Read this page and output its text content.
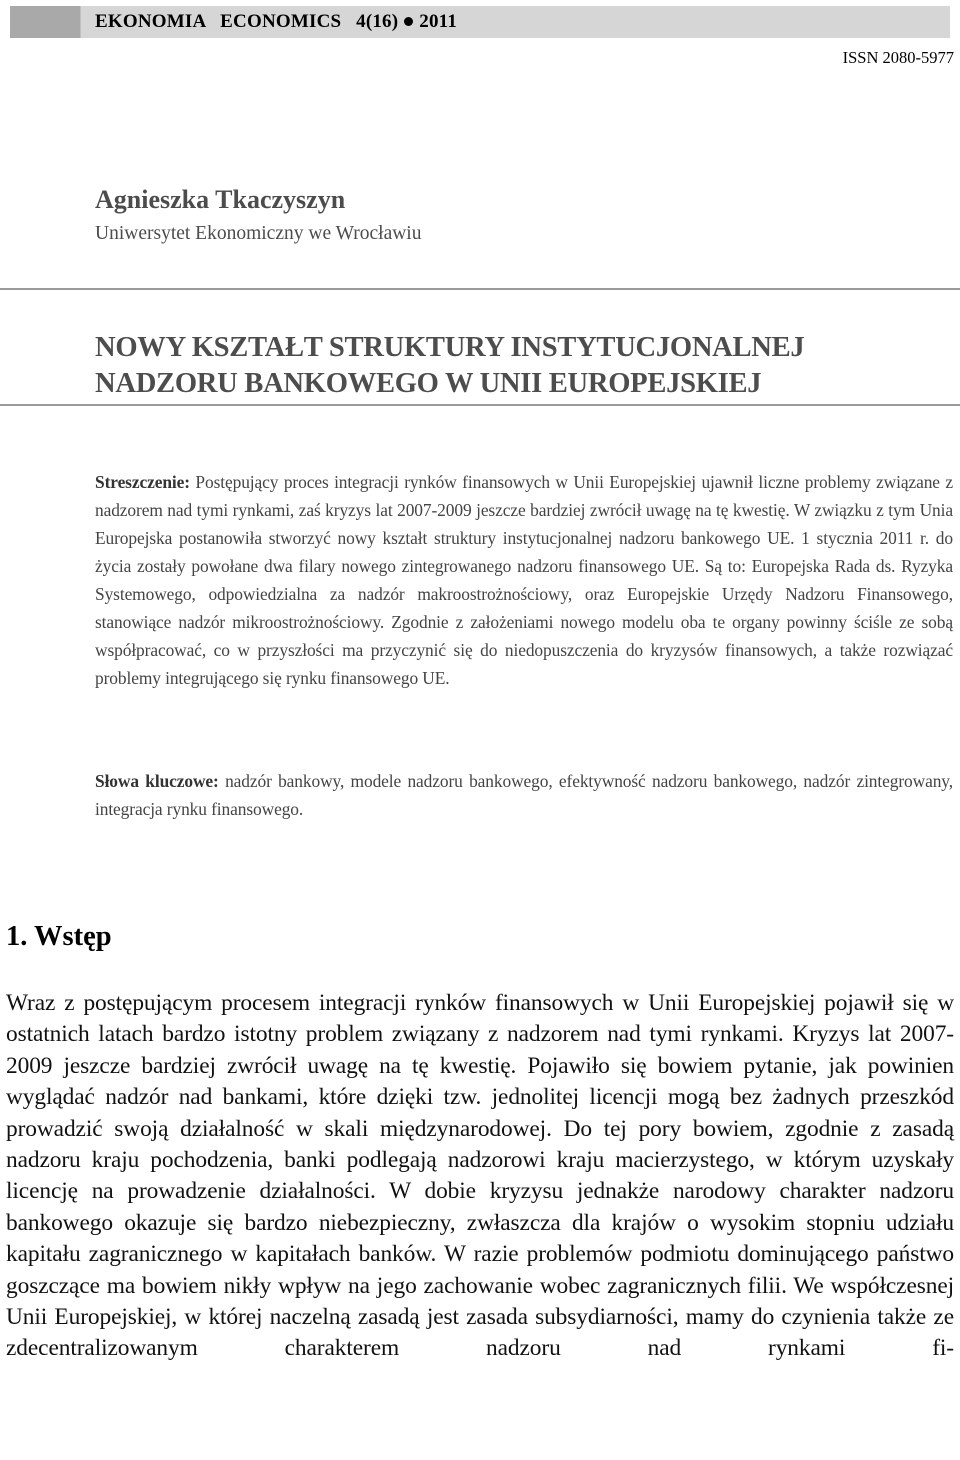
EKONOMIA   ECONOMICS   4(16) 2011
ISSN 2080-5977
Agnieszka Tkaczyszyn
Uniwersytet Ekonomiczny we Wrocławiu
NOWY KSZTAŁT STRUKTURY INSTYTUCJONALNEJ
NADZORU BANKOWEGO W UNII EUROPEJSKIEJ
Streszczenie: Postępujący proces integracji rynków finansowych w Unii Europejskiej ujawnił liczne problemy związane z nadzorem nad tymi rynkami, zaś kryzys lat 2007-2009 jeszcze bardziej zwrócił uwagę na tę kwestię. W związku z tym Unia Europejska postanowiła stworzyć nowy kształt struktury instytucjonalnej nadzoru bankowego UE. 1 stycznia 2011 r. do życia zostały powołane dwa filary nowego zintegrowanego nadzoru finansowego UE. Są to: Europejska Rada ds. Ryzyka Systemowego, odpowiedzialna za nadzór makroostrożnościowy, oraz Europejskie Urzędy Nadzoru Finansowego, stanowiące nadzór mikroostrożnościowy. Zgodnie z założeniami nowego modelu oba te organy powinny ściśle ze sobą współpracować, co w przyszłości ma przyczynić się do niedopuszczenia do kryzysów finansowych, a także rozwiązać problemy integrującego się rynku finansowego UE.
Słowa kluczowe: nadzór bankowy, modele nadzoru bankowego, efektywność nadzoru bankowego, nadzór zintegrowany, integracja rynku finansowego.
1. Wstęp
Wraz z postępującym procesem integracji rynków finansowych w Unii Europejskiej pojawił się w ostatnich latach bardzo istotny problem związany z nadzorem nad tymi rynkami. Kryzys lat 2007-2009 jeszcze bardziej zwrócił uwagę na tę kwestię. Pojawiło się bowiem pytanie, jak powinien wyglądać nadzór nad bankami, które dzięki tzw. jednolitej licencji mogą bez żadnych przeszkód prowadzić swoją działalność w skali międzynarodowej. Do tej pory bowiem, zgodnie z zasadą nadzoru kraju pochodzenia, banki podlegają nadzorowi kraju macierzystego, w którym uzyskały licencję na prowadzenie działalności. W dobie kryzysu jednakże narodowy charakter nadzoru bankowego okazuje się bardzo niebezpieczny, zwłaszcza dla krajów o wysokim stopniu udziału kapitału zagranicznego w kapitałach banków. W razie problemów podmiotu dominującego państwo goszczące ma bowiem nikły wpływ na jego zachowanie wobec zagranicznych filii. We współczesnej Unii Europejskiej, w której naczelną zasadą jest zasada subsydiarności, mamy do czynienia także ze zdecentralizowanym charakterem nadzoru nad rynkami fi-
